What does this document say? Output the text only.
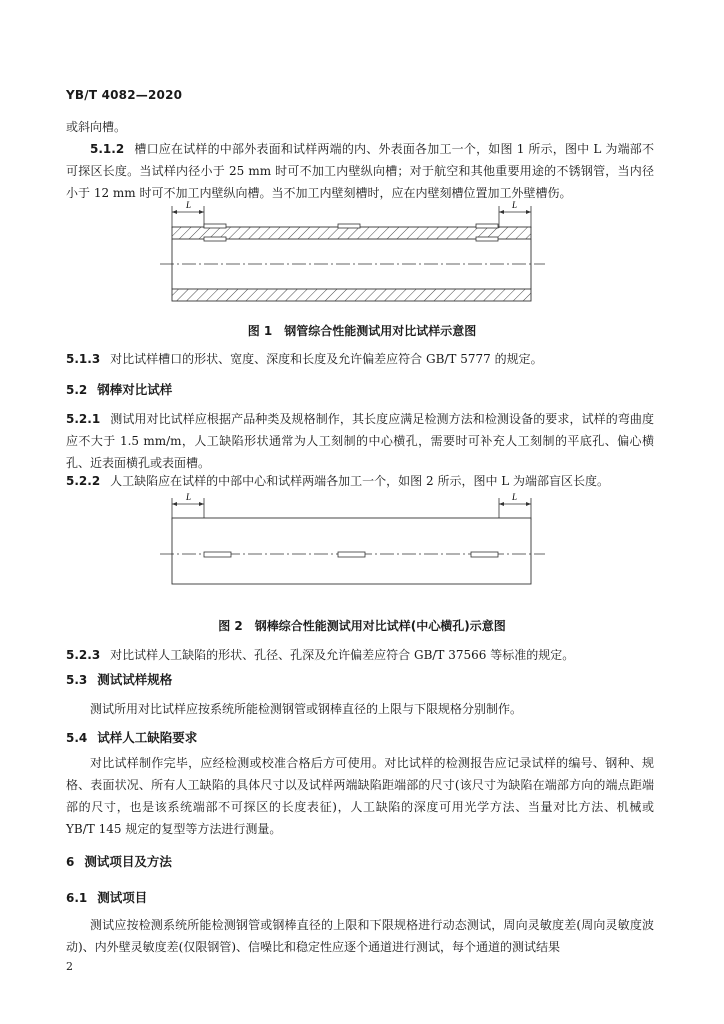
YB/T 4082—2020
或斜向槽。
5.1.2 槽口应在试样的中部外表面和试样两端的内、外表面各加工一个，如图 1 所示，图中 L 为端部不可探区长度。当试样内径小于 25 mm 时可不加工内壁纵向槽；对于航空和其他重要用途的不锈钢管，当内径小于 12 mm 时可不加工内壁纵向槽。当不加工内壁刻槽时，应在内壁刻槽位置加工外壁槽伤。
L	L
图 1 钢管综合性能测试用对比试样示意图
5.1.3 对比试样槽口的形状、宽度、深度和长度及允许偏差应符合 GB/T 5777 的规定。
5.2 钢棒对比试样
5.2.1 测试用对比试样应根据产品种类及规格制作，其长度应满足检测方法和检测设备的要求，试样的弯曲度应不大于 1.5 mm/m，人工缺陷形状通常为人工刻制的中心横孔，需要时可补充人工刻制的平底孔、偏心横孔、近表面横孔或表面槽。
5.2.2 人工缺陷应在试样的中部中心和试样两端各加工一个，如图 2 所示，图中 L 为端部盲区长度。
L	L
图 2 钢棒综合性能测试用对比试样(中心横孔)示意图
5.2.3 对比试样人工缺陷的形状、孔径、孔深及允许偏差应符合 GB/T 37566 等标准的规定。
5.3 测试试样规格
测试所用对比试样应按系统所能检测钢管或钢棒直径的上限与下限规格分别制作。
5.4 试样人工缺陷要求
对比试样制作完毕，应经检测或校准合格后方可使用。对比试样的检测报告应记录试样的编号、钢种、规格、表面状况、所有人工缺陷的具体尺寸以及试样两端缺陷距端部的尺寸(该尺寸为缺陷在端部方向的端点距端部的尺寸，也是该系统端部不可探区的长度表征)，人工缺陷的深度可用光学方法、当量对比方法、机械或 YB/T 145 规定的复型等方法进行测量。
6 测试项目及方法
6.1 测试项目
测试应按检测系统所能检测钢管或钢棒直径的上限和下限规格进行动态测试，周向灵敏度差(周向灵敏度波动)、内外壁灵敏度差(仅限钢管)、信噪比和稳定性应逐个通道进行测试，每个通道的测试结果
2
